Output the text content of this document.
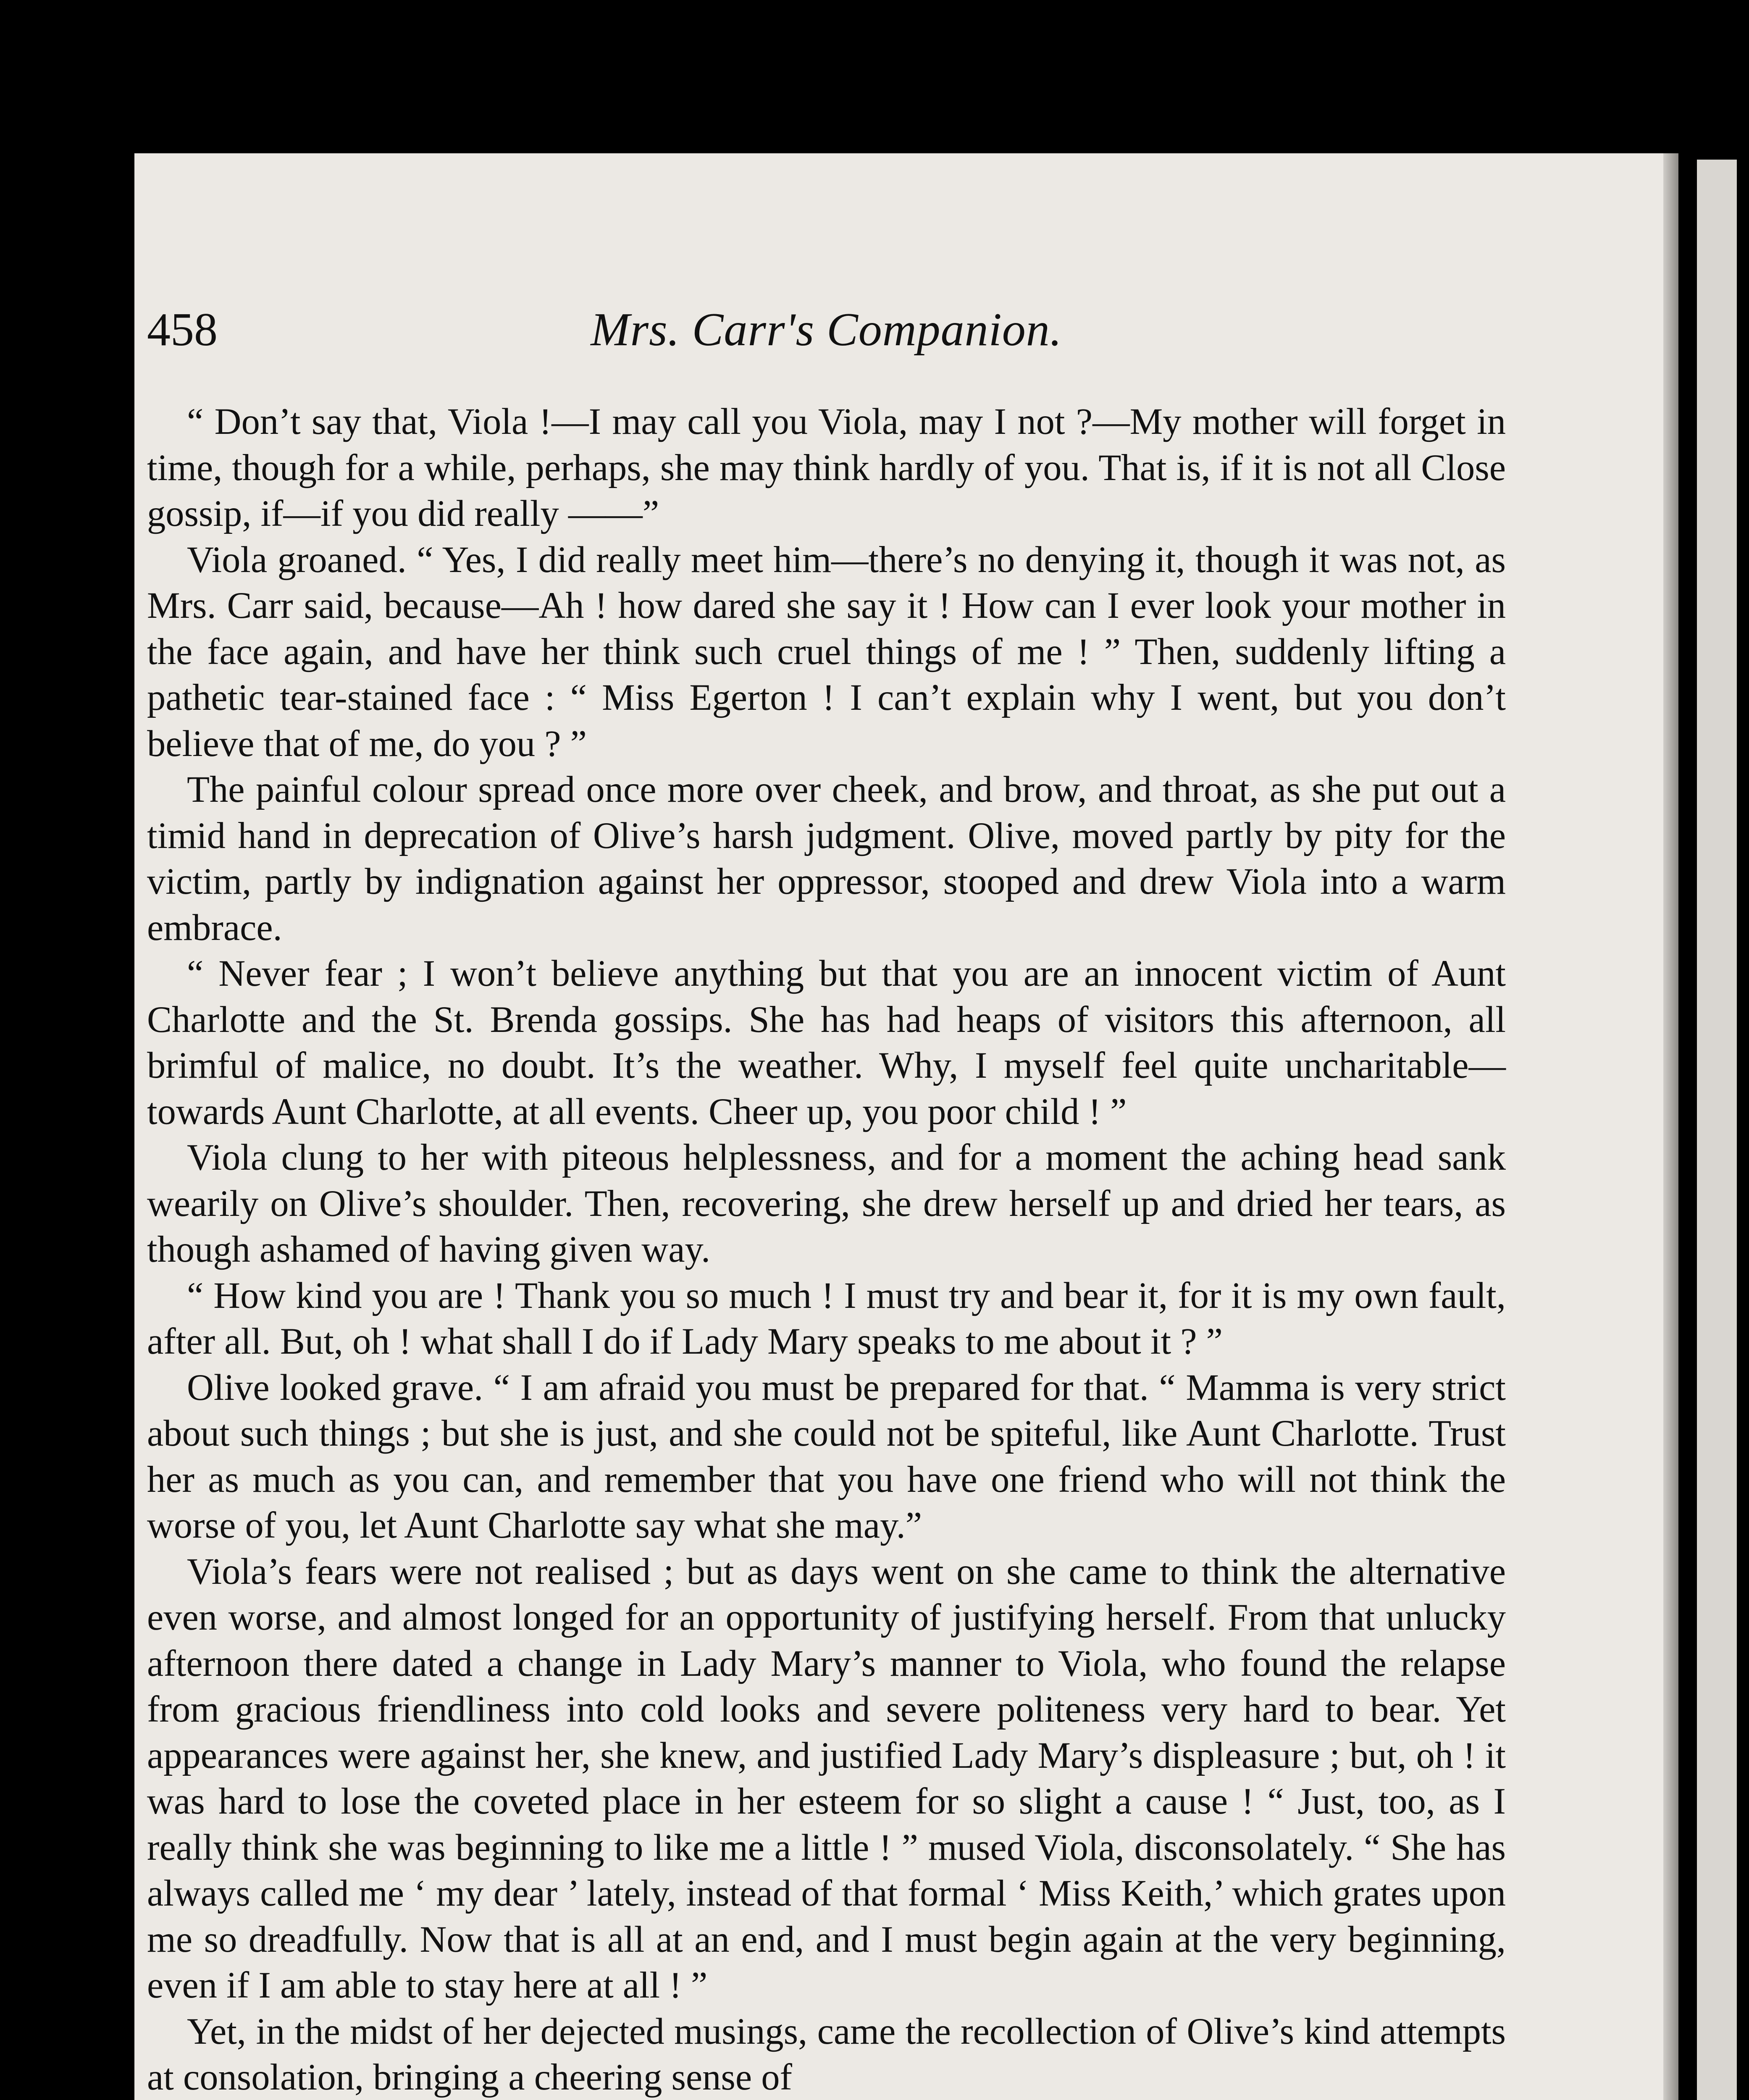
458	Mrs. Carr's Companion.

“ Don’t say that, Viola !—I may call you Viola, may I not ?—My mother will forget in time, though for a while, perhaps, she may think hardly of you. That is, if it is not all Close gossip, if—if you did really ——”

Viola groaned. “ Yes, I did really meet him—there’s no denying it, though it was not, as Mrs. Carr said, because—Ah ! how dared she say it ! How can I ever look your mother in the face again, and have her think such cruel things of me ! ” Then, suddenly lifting a pathetic tear-stained face : “ Miss Egerton ! I can’t explain why I went, but you don’t believe that of me, do you ? ”

The painful colour spread once more over cheek, and brow, and throat, as she put out a timid hand in deprecation of Olive’s harsh judgment. Olive, moved partly by pity for the victim, partly by indignation against her oppressor, stooped and drew Viola into a warm embrace.

“ Never fear ; I won’t believe anything but that you are an innocent victim of Aunt Charlotte and the St. Brenda gossips. She has had heaps of visitors this afternoon, all brimful of malice, no doubt. It’s the weather. Why, I myself feel quite uncharitable—towards Aunt Charlotte, at all events. Cheer up, you poor child ! ”

Viola clung to her with piteous helplessness, and for a moment the aching head sank wearily on Olive’s shoulder. Then, recovering, she drew herself up and dried her tears, as though ashamed of having given way.

“ How kind you are ! Thank you so much ! I must try and bear it, for it is my own fault, after all. But, oh ! what shall I do if Lady Mary speaks to me about it ? ”

Olive looked grave. “ I am afraid you must be prepared for that. “ Mamma is very strict about such things ; but she is just, and she could not be spiteful, like Aunt Charlotte. Trust her as much as you can, and remember that you have one friend who will not think the worse of you, let Aunt Charlotte say what she may.”

Viola’s fears were not realised ; but as days went on she came to think the alternative even worse, and almost longed for an opportunity of justifying herself. From that unlucky afternoon there dated a change in Lady Mary’s manner to Viola, who found the relapse from gracious friendliness into cold looks and severe politeness very hard to bear. Yet appearances were against her, she knew, and justified Lady Mary’s displeasure ; but, oh ! it was hard to lose the coveted place in her esteem for so slight a cause ! “ Just, too, as I really think she was beginning to like me a little ! ” mused Viola, disconsolately. “ She has always called me ‘ my dear ’ lately, instead of that formal ‘ Miss Keith,’ which grates upon me so dreadfully. Now that is all at an end, and I must begin again at the very beginning, even if I am able to stay here at all ! ”

Yet, in the midst of her dejected musings, came the recollection of Olive’s kind attempts at consolation, bringing a cheering sense of
